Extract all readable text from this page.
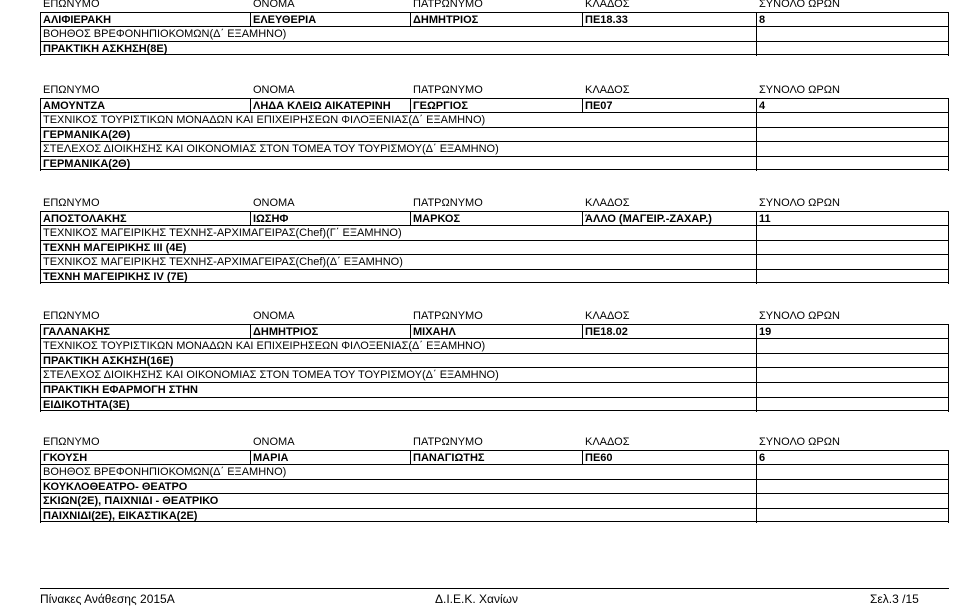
ΕΠΩΝΥΜΟ	ΟΝΟΜΑ	ΠΑΤΡΩΝΥΜΟ	ΚΛΑΔΟΣ	ΣΥΝΟΛΟ ΩΡΩΝ
ΑΛΙΦΙΕΡΑΚΗ	ΕΛΕΥΘΕΡΙΑ	ΔΗΜΗΤΡΙΟΣ	ΠΕ18.33	8
ΒΟΗΘΟΣ ΒΡΕΦΟΝΗΠΙΟΚΟΜΩΝ(Δ΄ ΕΞΑΜΗΝΟ)
ΠΡΑΚΤΙΚΗ ΑΣΚΗΣΗ(8Ε)
ΕΠΩΝΥΜΟ	ΟΝΟΜΑ	ΠΑΤΡΩΝΥΜΟ	ΚΛΑΔΟΣ	ΣΥΝΟΛΟ ΩΡΩΝ
ΑΜΟΥΝΤΖΑ	ΛΗΔΑ ΚΛΕΙΩ ΑΙΚΑΤΕΡΙΝΗ	ΓΕΩΡΓΙΟΣ	ΠΕ07	4
ΤΕΧΝΙΚΟΣ ΤΟΥΡΙΣΤΙΚΩΝ ΜΟΝΑΔΩΝ ΚΑΙ ΕΠΙΧΕΙΡΗΣΕΩΝ ΦΙΛΟΞΕΝΙΑΣ(Δ΄ ΕΞΑΜΗΝΟ)
ΓΕΡΜΑΝΙΚΑ(2Θ)
ΣΤΕΛΕΧΟΣ ΔΙΟΙΚΗΣΗΣ ΚΑΙ ΟΙΚΟΝΟΜΙΑΣ ΣΤΟΝ ΤΟΜΕΑ ΤΟΥ ΤΟΥΡΙΣΜΟΥ(Δ΄ ΕΞΑΜΗΝΟ)
ΓΕΡΜΑΝΙΚΑ(2Θ)
ΕΠΩΝΥΜΟ	ΟΝΟΜΑ	ΠΑΤΡΩΝΥΜΟ	ΚΛΑΔΟΣ	ΣΥΝΟΛΟ ΩΡΩΝ
ΑΠΟΣΤΟΛΑΚΗΣ	ΙΩΣΗΦ	ΜΑΡΚΟΣ	ΆΛΛΟ (ΜΑΓΕΙΡ.-ΖΑΧΑΡ.)	11
ΤΕΧΝΙΚΟΣ ΜΑΓΕΙΡΙΚΗΣ ΤΕΧΝΗΣ-ΑΡΧΙΜΑΓΕΙΡΑΣ(Chef)(Γ΄ ΕΞΑΜΗΝΟ)
ΤΕΧΝΗ ΜΑΓΕΙΡΙΚΗΣ ΙΙΙ (4Ε)
ΤΕΧΝΙΚΟΣ ΜΑΓΕΙΡΙΚΗΣ ΤΕΧΝΗΣ-ΑΡΧΙΜΑΓΕΙΡΑΣ(Chef)(Δ΄ ΕΞΑΜΗΝΟ)
ΤΕΧΝΗ ΜΑΓΕΙΡΙΚΗΣ IV (7Ε)
ΕΠΩΝΥΜΟ	ΟΝΟΜΑ	ΠΑΤΡΩΝΥΜΟ	ΚΛΑΔΟΣ	ΣΥΝΟΛΟ ΩΡΩΝ
ΓΑΛΑΝΑΚΗΣ	ΔΗΜΗΤΡΙΟΣ	ΜΙΧΑΗΛ	ΠΕ18.02	19
ΤΕΧΝΙΚΟΣ ΤΟΥΡΙΣΤΙΚΩΝ ΜΟΝΑΔΩΝ ΚΑΙ ΕΠΙΧΕΙΡΗΣΕΩΝ ΦΙΛΟΞΕΝΙΑΣ(Δ΄ ΕΞΑΜΗΝΟ)
ΠΡΑΚΤΙΚΗ ΑΣΚΗΣΗ(16Ε)
ΣΤΕΛΕΧΟΣ ΔΙΟΙΚΗΣΗΣ ΚΑΙ ΟΙΚΟΝΟΜΙΑΣ ΣΤΟΝ ΤΟΜΕΑ ΤΟΥ ΤΟΥΡΙΣΜΟΥ(Δ΄ ΕΞΑΜΗΝΟ)
ΠΡΑΚΤΙΚΗ ΕΦΑΡΜΟΓΗ ΣΤΗΝ
ΕΙΔΙΚΟΤΗΤΑ(3Ε)
ΕΠΩΝΥΜΟ	ΟΝΟΜΑ	ΠΑΤΡΩΝΥΜΟ	ΚΛΑΔΟΣ	ΣΥΝΟΛΟ ΩΡΩΝ
ΓΚΟΥΣΗ	ΜΑΡΙΑ	ΠΑΝΑΓΙΩΤΗΣ	ΠΕ60	6
ΒΟΗΘΟΣ ΒΡΕΦΟΝΗΠΙΟΚΟΜΩΝ(Δ΄ ΕΞΑΜΗΝΟ)
ΚΟΥΚΛΟΘΕΑΤΡΟ- ΘΕΑΤΡΟ
ΣΚΙΩΝ(2Ε), ΠΑΙΧΝΙΔΙ - ΘΕΑΤΡΙΚΟ
ΠΑΙΧΝΙΔΙ(2Ε), ΕΙΚΑΣΤΙΚΑ(2Ε)
Πίνακες Ανάθεσης 2015Α	Δ.Ι.Ε.Κ. Χανίων	Σελ.3 /15
